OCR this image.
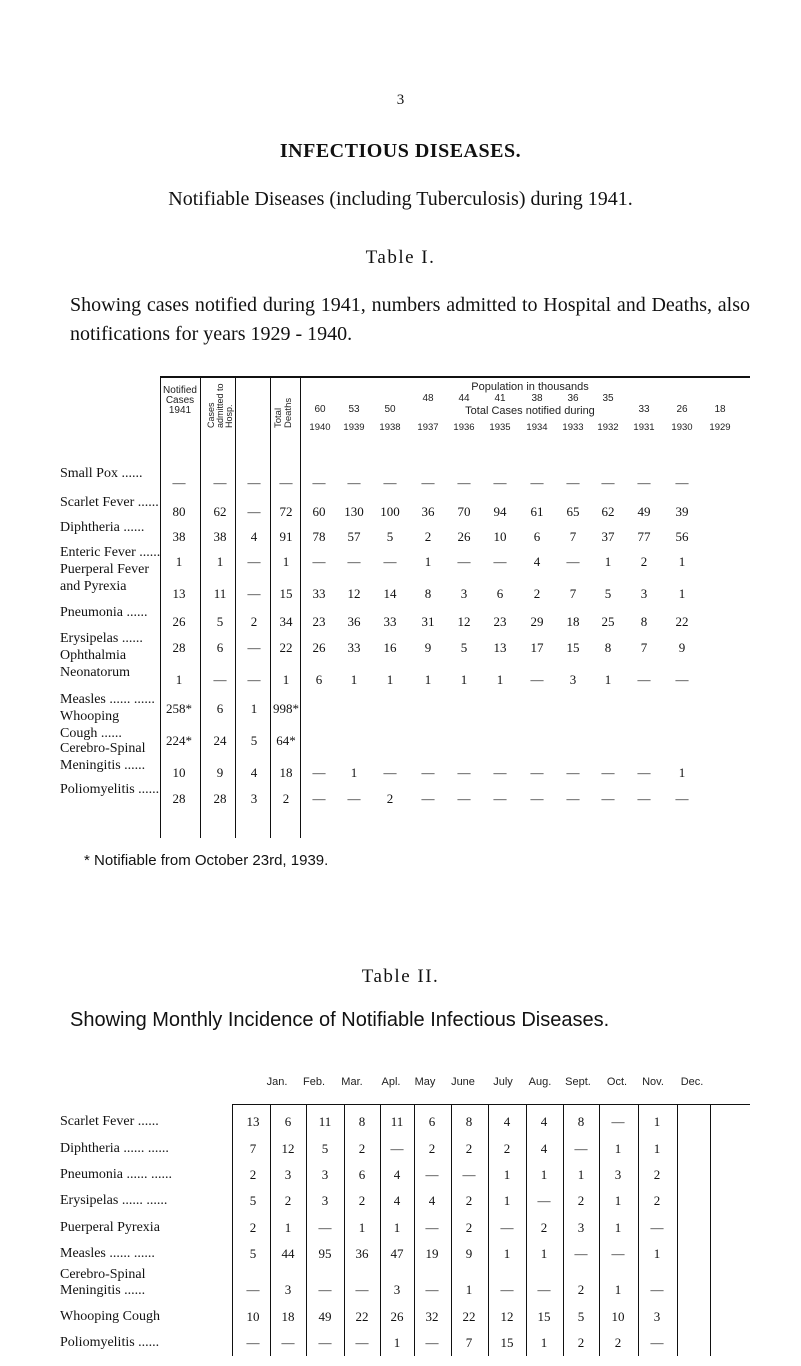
3
INFECTIOUS DISEASES.
Notifiable Diseases (including Tuberculosis) during 1941.
Table I.
Showing cases notified during 1941, numbers admitted to Hospital and Deaths, also notifications for years 1929 - 1940.
Notified Cases 1941	Cases admitted to Hosp.	Total Deaths
Population in thousands
Total Cases notified during
60	53	50
48	44	41	38	36	35
33	26	18
1940	1939	1938	1937	1936	1935	1934	1933	1932	1931	1930	1929
Small Pox ......
—	—	—	—	—	—	—	—	—	—	—	—	—	—	—
Scarlet Fever ......
80	62	—	72	60	130	100	36	70	94	61	65	62	49	39
Diphtheria ......
38	38	4	91	78	57	5	2	26	10	6	7	37	77	56
Enteric Fever ......
1	1	—	1	—	—	—	1	—	—	4	—	1	2	1
Puerperal Fever
and Pyrexia	13	11	—	15	33	12	14	8	3	6	2	7	5	3	1
Pneumonia ......
26	5	2	34	23	36	33	31	12	23	29	18	25	8	22
Erysipelas ......
28	6	—	22	26	33	16	9	5	13	17	15	8	7	9
Ophthalmia
Neonatorum	1	—	—	1	6	1	1	1	1	1	—	3	1	—	—
Measles ...... ......
258*	6	1	998*
Whooping
Cough ......	224*	24	5	64*
Cerebro-Spinal
Meningitis ......	10	9	4	18	—	1	—	—	—	—	—	—	—	—	1
Poliomyelitis ......
28	28	3	2	—	—	2	—	—	—	—	—	—	—	—
* Notifiable from October 23rd, 1939.
Table II.
Showing Monthly Incidence of Notifiable Infectious Diseases.
Jan.	Feb.	Mar.	Apl.	May	June	July	Aug.	Sept.	Oct.	Nov.	Dec.
Scarlet Fever ......	13	6	11	8	11	6	8	4	4	8	—	1
Diphtheria ...... ......	7	12	5	2	—	2	2	2	4	—	1	1
Pneumonia ...... ......	2	3	3	6	4	—	—	1	1	1	3	2
Erysipelas ...... ......	5	2	3	2	4	4	2	1	—	2	1	2
Puerperal Pyrexia	2	1	—	1	1	—	2	—	2	3	1	—
Measles ...... ......	5	44	95	36	47	19	9	1	1	—	—	1
Cerebro-Spinal
Meningitis ......	—	3	—	—	3	—	1	—	—	2	1	—
Whooping Cough	10	18	49	22	26	32	22	12	15	5	10	3
Poliomyelitis ......	—	—	—	—	1	—	7	15	1	2	2	—
